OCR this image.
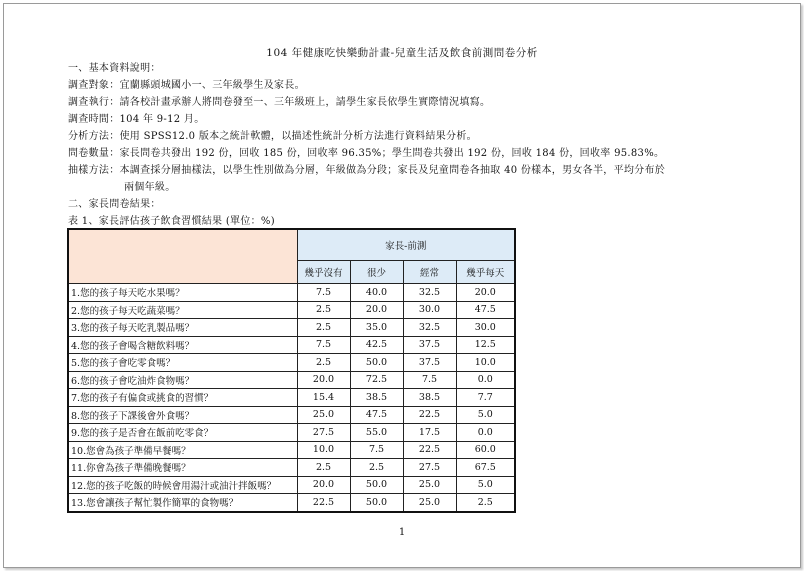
104 年健康吃快樂動計畫-兒童生活及飲食前測問卷分析
一、基本資料說明：
調查對象：宜蘭縣頭城國小一、三年級學生及家長。
調查執行：請各校計畫承辦人將問卷發至一、三年級班上，請學生家長依學生實際情況填寫。
調查時間：104 年 9-12 月。
分析方法：使用 SPSS12.0 版本之統計軟體，以描述性統計分析方法進行資料結果分析。
問卷數量：家長問卷共發出 192 份，回收 185 份，回收率 96.35%；學生問卷共發出 192 份，回收 184 份，回收率 95.83%。
抽樣方法：本調查採分層抽樣法，以學生性別做為分層，年級做為分段；家長及兒童問卷各抽取 40 份樣本，男女各半，平均分布於
兩個年級。
二、家長問卷結果：
表 1、家長評估孩子飲食習慣結果 (單位：%)
	家長-前測			
	幾乎沒有	很少	經常	幾乎每天
1.您的孩子每天吃水果嗎？	7.5	40.0	32.5	20.0
2.您的孩子每天吃蔬菜嗎？	2.5	20.0	30.0	47.5
3.您的孩子每天吃乳製品嗎？	2.5	35.0	32.5	30.0
4.您的孩子會喝含糖飲料嗎？	7.5	42.5	37.5	12.5
5.您的孩子會吃零食嗎？	2.5	50.0	37.5	10.0
6.您的孩子會吃油炸食物嗎？	20.0	72.5	7.5	0.0
7.您的孩子有偏食或挑食的習慣？	15.4	38.5	38.5	7.7
8.您的孩子下課後會外食嗎？	25.0	47.5	22.5	5.0
9.您的孩子是否會在飯前吃零食？	27.5	55.0	17.5	0.0
10.您會為孩子準備早餐嗎？	10.0	7.5	22.5	60.0
11.你會為孩子準備晚餐嗎？	2.5	2.5	27.5	67.5
12.您的孩子吃飯的時候會用湯汁或油汁拌飯嗎？	20.0	50.0	25.0	5.0
13.您會讓孩子幫忙製作簡單的食物嗎？	22.5	50.0	25.0	2.5
1
